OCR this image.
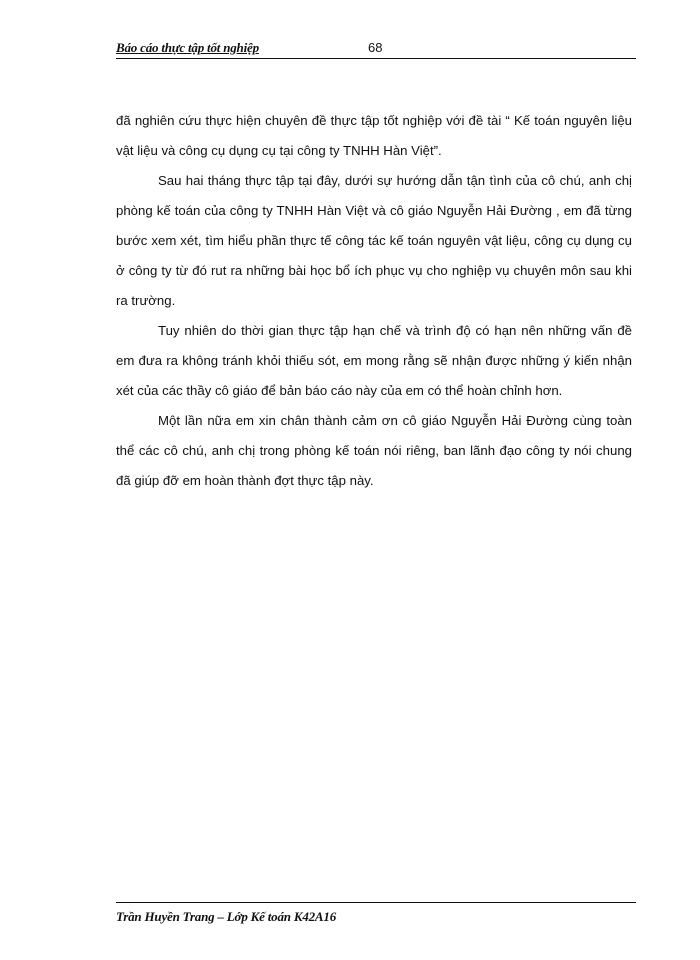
Báo cáo thực tập tốt nghiệp	68

đã nghiên cứu thực hiện chuyên đề thực tập tốt nghiệp với đề tài “ Kế toán nguyên liệu vật liệu và công cụ dụng cụ tại công ty TNHH Hàn Việt”.

Sau hai tháng thực tập tại đây, dưới sự hướng dẫn tận tình của cô chú, anh chị phòng kế toán của công ty TNHH Hàn Việt và cô giáo Nguyễn Hải Đường , em đã từng bước xem xét, tìm hiểu phần thực tế công tác kế toán nguyên vật liệu, công cụ dụng cụ ở công ty từ đó rut ra những bài học bổ ích phục vụ cho nghiệp vụ chuyên môn sau khi ra trường.

Tuy nhiên do thời gian thực tập hạn chế và trình độ có hạn nên những vấn đề em đưa ra không tránh khỏi thiếu sót, em mong rằng sẽ nhận được những ý kiến nhận xét của các thầy cô giáo để bản báo cáo này của em có thể hoàn chỉnh hơn.

Một lần nữa em xin chân thành cảm ơn cô giáo Nguyễn Hải Đường cùng toàn thể các cô chú, anh chị trong phòng kế toán nói riêng, ban lãnh đạo công ty nói chung đã giúp đỡ em hoàn thành đợt thực tập này.

Trần Huyền Trang – Lớp Kế toán K42A16
